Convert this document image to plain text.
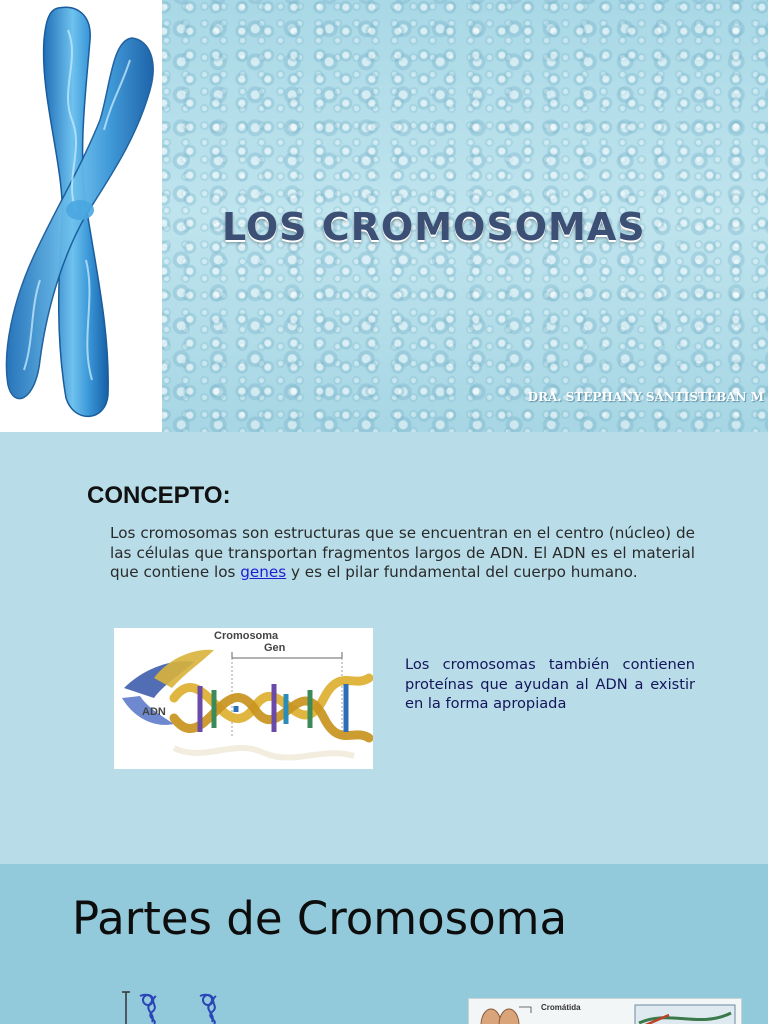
LOS CROMOSOMAS
DRA. STEPHANY SANTISTEBAN M
CONCEPTO:

Los cromosomas son estructuras que se encuentran en el centro (núcleo) de las células que transportan fragmentos largos de ADN. El ADN es el material que contiene los genes y es el pilar fundamental del cuerpo humano.

Cromosoma
Gen
ADN

Los cromosomas también contienen proteínas que ayudan al ADN a existir en la forma apropiada

Partes de Cromosoma
Cromátida
